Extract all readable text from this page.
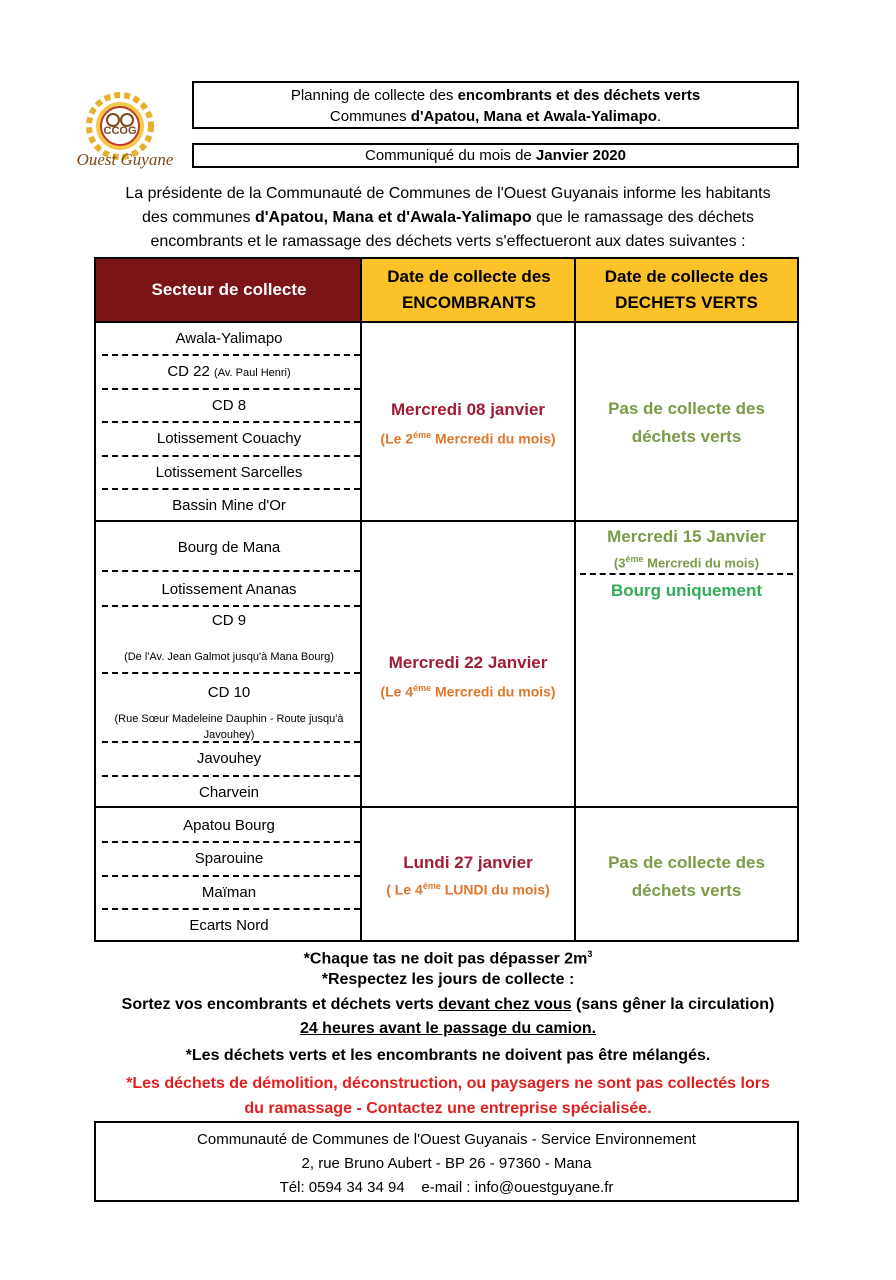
CCOG
Ouest Guyane
Planning de collecte des encombrants et des déchets verts
Communes d'Apatou, Mana et Awala-Yalimapo.
Communiqué du mois de Janvier 2020
La présidente de la Communauté de Communes de l'Ouest Guyanais informe les habitants
des communes d'Apatou, Mana et d'Awala-Yalimapo que le ramassage des déchets
encombrants et le ramassage des déchets verts s'effectueront aux dates suivantes :
Secteur de collecte
Date de collecte des
ENCOMBRANTS
Date de collecte des
DECHETS VERTS
Awala-Yalimapo
CD 22 (Av. Paul Henri)
CD 8
Lotissement Couachy
Lotissement Sarcelles
Bassin Mine d'Or
Mercredi 08 janvier
(Le $2^{éme}$ Mercredi du mois)
Pas de collecte des
déchets verts
Bourg de Mana
Lotissement Ananas
CD 9
(De l'Av. Jean Galmot jusqu'à Mana Bourg)
CD 10
(Rue Sœur Madeleine Dauphin - Route jusqu'à Javouhey)
Javouhey
Charvein
Mercredi 22 Janvier
(Le $4^{éme}$ Mercredi du mois)
Mercredi 15 Janvier
($3^{éme}$ Mercredi du mois)
Bourg uniquement
Apatou Bourg
Sparouine
Maïman
Ecarts Nord
Lundi 27 janvier
( Le $4^{éme}$ LUNDI du mois)
Pas de collecte des
déchets verts
*Chaque tas ne doit pas dépasser $2m^3$
*Respectez les jours de collecte :
Sortez vos encombrants et déchets verts devant chez vous (sans gêner la circulation)
24 heures avant le passage du camion.
*Les déchets verts et les encombrants ne doivent pas être mélangés.
*Les déchets de démolition, déconstruction, ou paysagers ne sont pas collectés lors
du ramassage - Contactez une entreprise spécialisée.
Communauté de Communes de l'Ouest Guyanais - Service Environnement
2, rue Bruno Aubert - BP 26 - 97360 - Mana
Tél: 0594 34 34 94    e-mail : info@ouestguyane.fr
